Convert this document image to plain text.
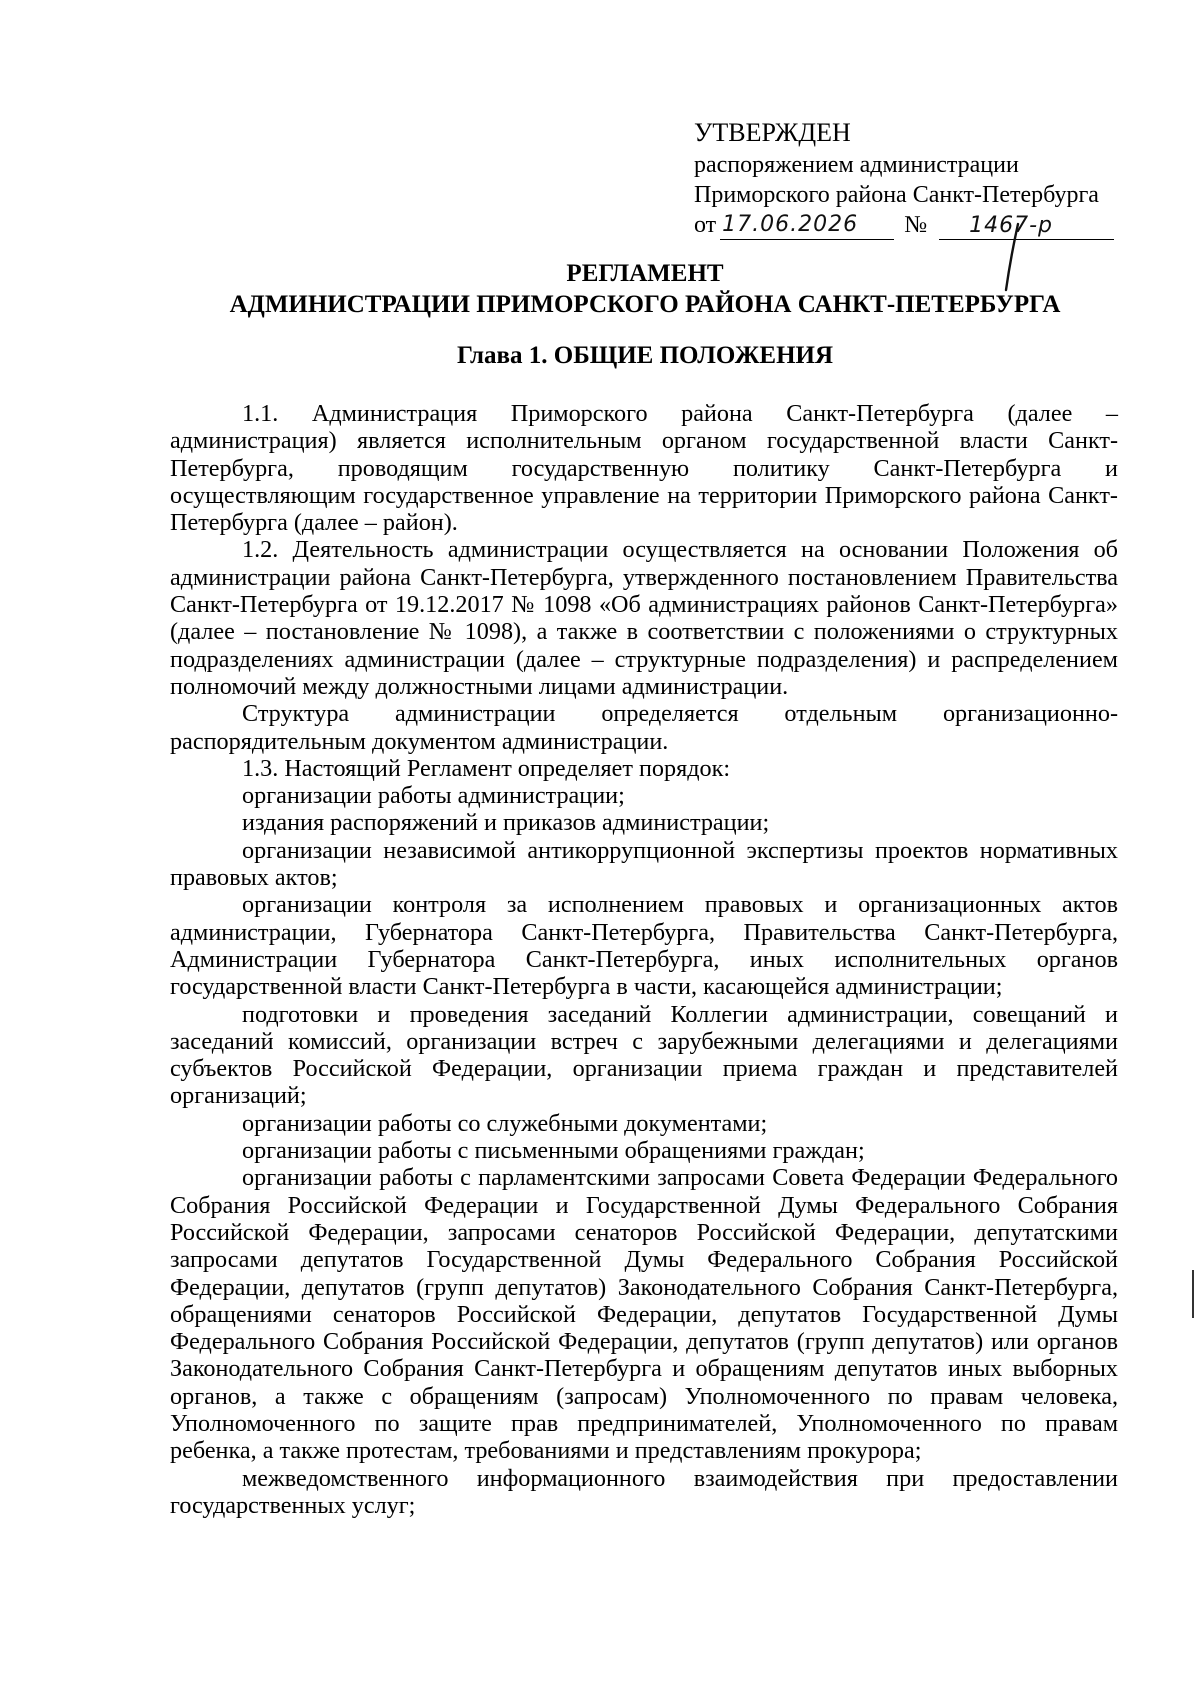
УТВЕРЖДЕН
распоряжением администрации
Приморского района Санкт-Петербурга
от 17.06.2026	№	1467-р
РЕГЛАМЕНТ
АДМИНИСТРАЦИИ ПРИМОРСКОГО РАЙОНА САНКТ-ПЕТЕРБУРГА
Глава 1. ОБЩИЕ ПОЛОЖЕНИЯ

1.1. Администрация Приморского района Санкт-Петербурга (далее – администрация) является исполнительным органом государственной власти Санкт-Петербурга, проводящим государственную политику Санкт-Петербурга и осуществляющим государственное управление на территории Приморского района Санкт-Петербурга (далее – район).

1.2. Деятельность администрации осуществляется на основании Положения об администрации района Санкт-Петербурга, утвержденного постановлением Правительства Санкт-Петербурга от 19.12.2017 № 1098 «Об администрациях районов Санкт-Петербурга» (далее – постановление № 1098), а также в соответствии с положениями о структурных подразделениях администрации (далее – структурные подразделения) и распределением полномочий между должностными лицами администрации.

Структура администрации определяется отдельным организационно-распорядительным документом администрации.

1.3. Настоящий Регламент определяет порядок:

организации работы администрации;

издания распоряжений и приказов администрации;

организации независимой антикоррупционной экспертизы проектов нормативных правовых актов;

организации контроля за исполнением правовых и организационных актов администрации, Губернатора Санкт-Петербурга, Правительства Санкт-Петербурга, Администрации Губернатора Санкт-Петербурга, иных исполнительных органов государственной власти Санкт-Петербурга в части, касающейся администрации;

подготовки и проведения заседаний Коллегии администрации, совещаний и заседаний комиссий, организации встреч с зарубежными делегациями и делегациями субъектов Российской Федерации, организации приема граждан и представителей организаций;

организации работы со служебными документами;

организации работы с письменными обращениями граждан;

организации работы с парламентскими запросами Совета Федерации Федерального Собрания Российской Федерации и Государственной Думы Федерального Собрания Российской Федерации, запросами сенаторов Российской Федерации, депутатскими запросами депутатов Государственной Думы Федерального Собрания Российской Федерации, депутатов (групп депутатов) Законодательного Собрания Санкт-Петербурга, обращениями сенаторов Российской Федерации, депутатов Государственной Думы Федерального Собрания Российской Федерации, депутатов (групп депутатов) или органов Законодательного Собрания Санкт-Петербурга и обращениям депутатов иных выборных органов, а также с обращениям (запросам) Уполномоченного по правам человека, Уполномоченного по защите прав предпринимателей, Уполномоченного по правам ребенка, а также протестам, требованиями и представлениям прокурора;

межведомственного информационного взаимодействия при предоставлении государственных услуг;
